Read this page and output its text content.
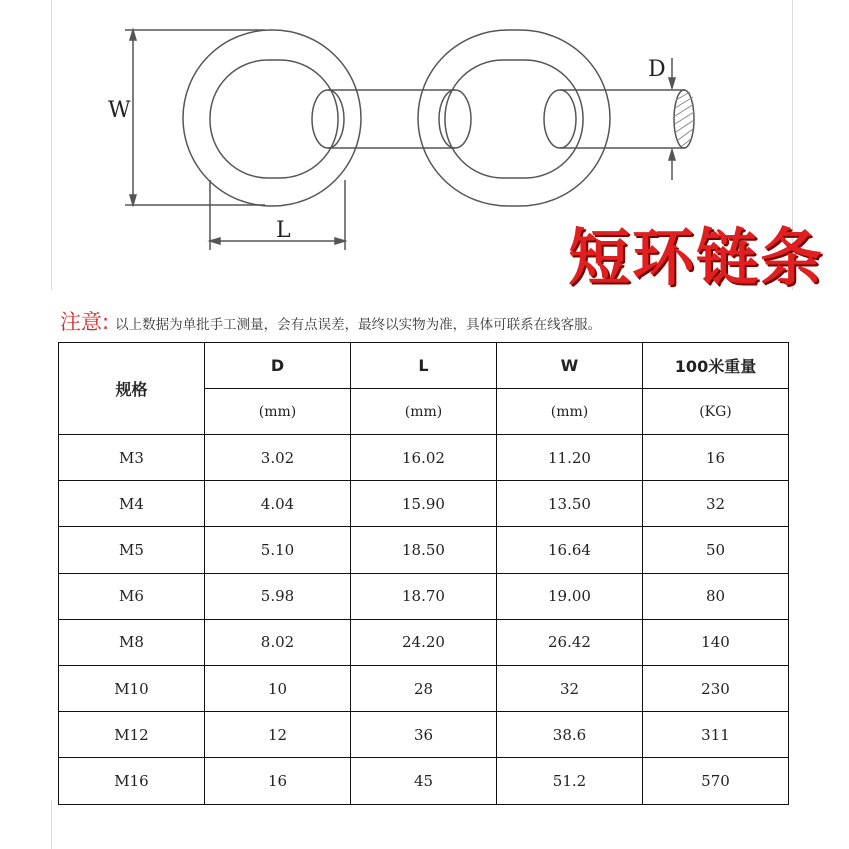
W
L
D
短环链条
注意: 以上数据为单批手工测量，会有点误差，最终以实物为准，具体可联系在线客服。
规格	D	L	W	100米重量
	(mm)	(mm)	(mm)	(KG)
M3	3.02	16.02	11.20	16
M4	4.04	15.90	13.50	32
M5	5.10	18.50	16.64	50
M6	5.98	18.70	19.00	80
M8	8.02	24.20	26.42	140
M10	10	28	32	230
M12	12	36	38.6	311
M16	16	45	51.2	570
